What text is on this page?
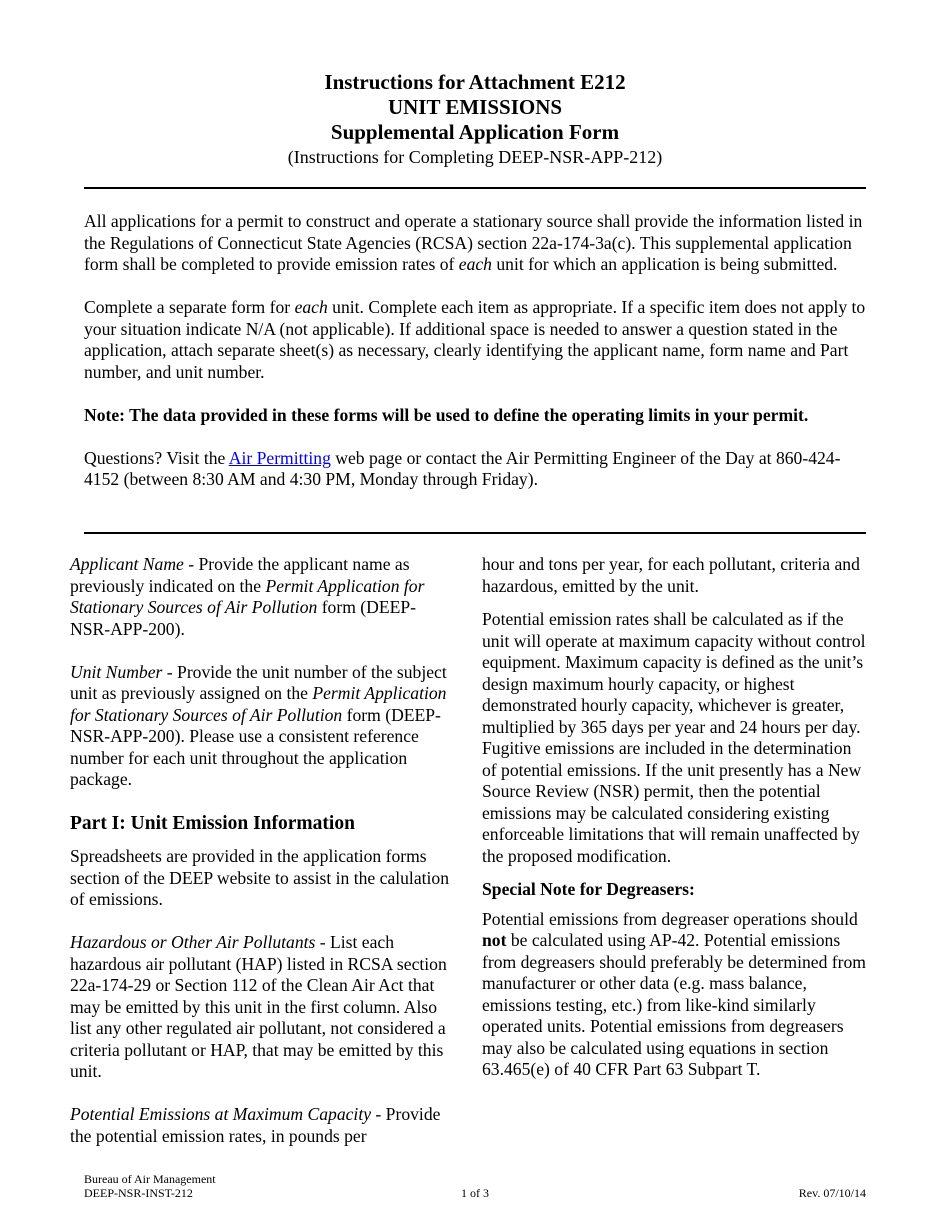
Instructions for Attachment E212
UNIT EMISSIONS
Supplemental Application Form
(Instructions for Completing DEEP-NSR-APP-212)

All applications for a permit to construct and operate a stationary source shall provide the information listed in the Regulations of Connecticut State Agencies (RCSA) section 22a-174-3a(c). This supplemental application form shall be completed to provide emission rates of each unit for which an application is being submitted.

Complete a separate form for each unit. Complete each item as appropriate. If a specific item does not apply to your situation indicate N/A (not applicable). If additional space is needed to answer a question stated in the application, attach separate sheet(s) as necessary, clearly identifying the applicant name, form name and Part number, and unit number.

Note: The data provided in these forms will be used to define the operating limits in your permit.

Questions? Visit the Air Permitting web page or contact the Air Permitting Engineer of the Day at 860-424-4152 (between 8:30 AM and 4:30 PM, Monday through Friday).

Applicant Name - Provide the applicant name as previously indicated on the Permit Application for Stationary Sources of Air Pollution form (DEEP-NSR-APP-200).

Unit Number - Provide the unit number of the subject unit as previously assigned on the Permit Application for Stationary Sources of Air Pollution form (DEEP-NSR-APP-200). Please use a consistent reference number for each unit throughout the application package.

Part I: Unit Emission Information

Spreadsheets are provided in the application forms section of the DEEP website to assist in the calulation of emissions.

Hazardous or Other Air Pollutants - List each hazardous air pollutant (HAP) listed in RCSA section 22a-174-29 or Section 112 of the Clean Air Act that may be emitted by this unit in the first column. Also list any other regulated air pollutant, not considered a criteria pollutant or HAP, that may be emitted by this unit.

Potential Emissions at Maximum Capacity - Provide the potential emission rates, in pounds per

hour and tons per year, for each pollutant, criteria and hazardous, emitted by the unit.

Potential emission rates shall be calculated as if the unit will operate at maximum capacity without control equipment. Maximum capacity is defined as the unit’s design maximum hourly capacity, or highest demonstrated hourly capacity, whichever is greater, multiplied by 365 days per year and 24 hours per day. Fugitive emissions are included in the determination of potential emissions. If the unit presently has a New Source Review (NSR) permit, then the potential emissions may be calculated considering existing enforceable limitations that will remain unaffected by the proposed modification.

Special Note for Degreasers:

Potential emissions from degreaser operations should not be calculated using AP-42. Potential emissions from degreasers should preferably be determined from manufacturer or other data (e.g. mass balance, emissions testing, etc.) from like-kind similarly operated units. Potential emissions from degreasers may also be calculated using equations in section 63.465(e) of 40 CFR Part 63 Subpart T.

Bureau of Air Management
DEEP-NSR-INST-212	1 of 3	Rev. 07/10/14
